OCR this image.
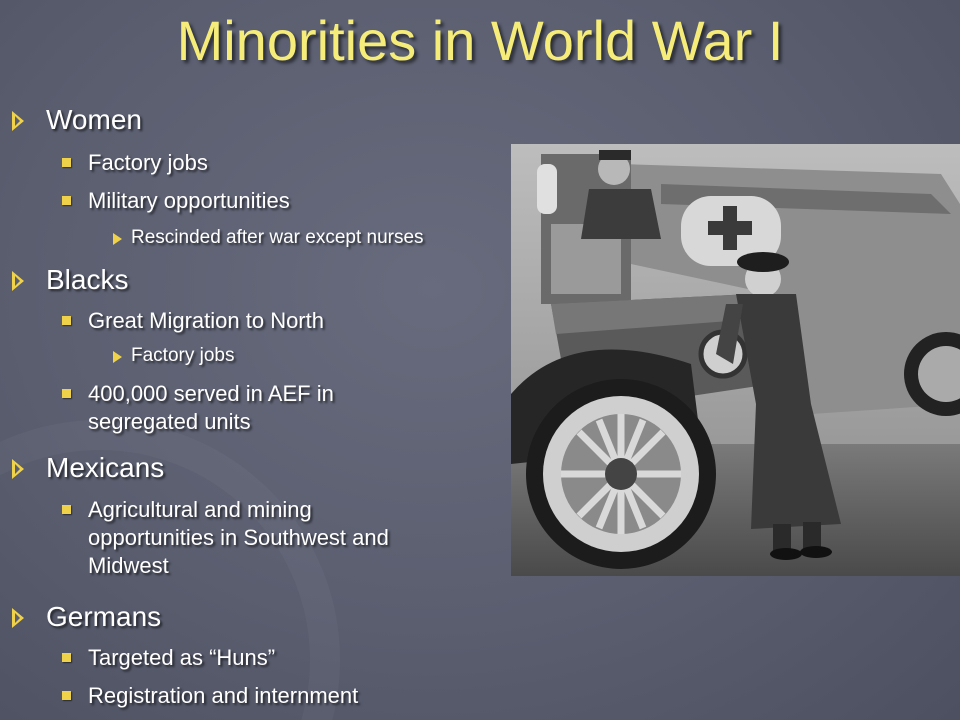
Minorities in World War I
Women
Factory jobs
Military opportunities
Rescinded after war except nurses
Blacks
Great Migration to North
Factory jobs
400,000 served in AEF in
segregated units
Mexicans
Agricultural and mining
opportunities in Southwest and
Midwest
Germans
Targeted as “Huns”
Registration and internment
